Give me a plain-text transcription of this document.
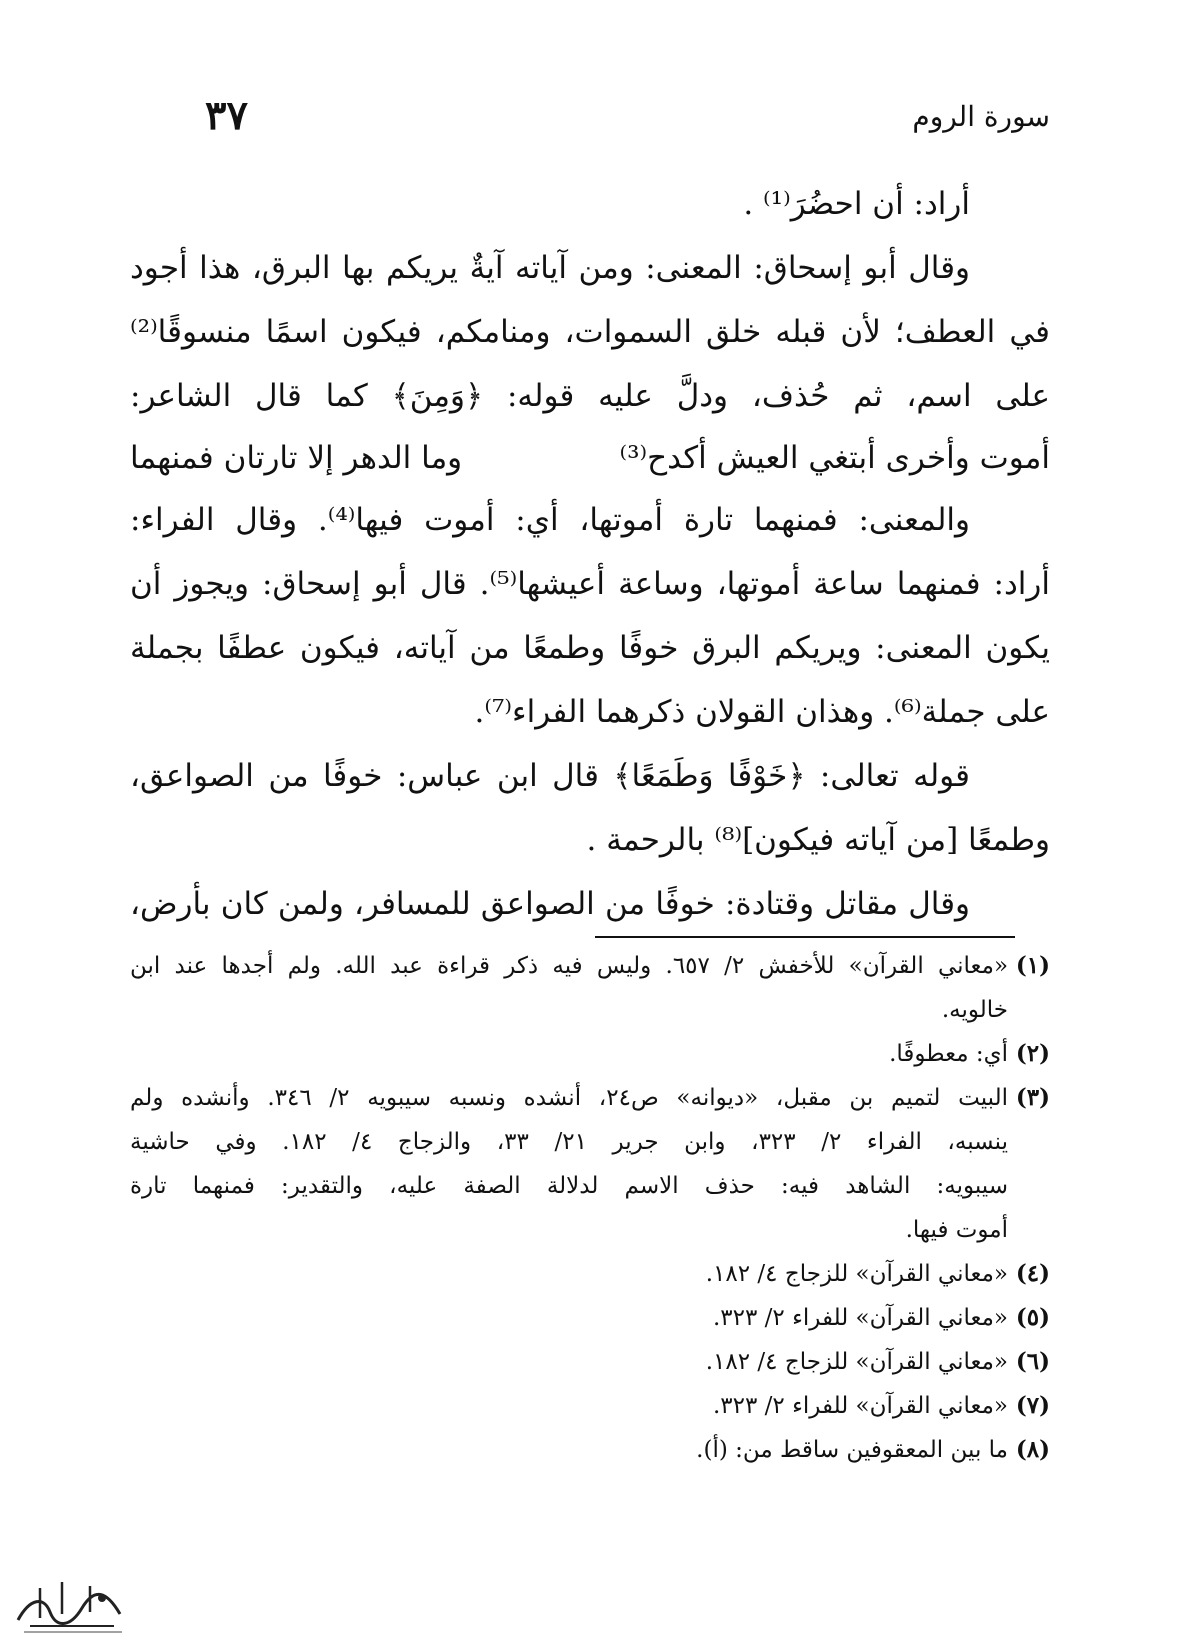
سورة الروم
٣٧
أراد: أن احضُرَ⁽¹⁾ .
وقال أبو إسحاق: المعنى: ومن آياته آيةٌ يريكم بها البرق، هذا أجود
في العطف؛ لأن قبله خلق السموات، ومنامكم، فيكون اسمًا منسوقًا⁽²⁾
على اسم، ثم حُذف، ودلَّ عليه قوله: ﴿وَمِنَ﴾ كما قال الشاعر:
أموت وأخرى أبتغي العيش أكدح⁽³⁾
وما الدهر إلا تارتان فمنهما
والمعنى: فمنهما تارة أموتها، أي: أموت فيها⁽⁴⁾. وقال الفراء:
أراد: فمنهما ساعة أموتها، وساعة أعيشها⁽⁵⁾. قال أبو إسحاق: ويجوز أن
يكون المعنى: ويريكم البرق خوفًا وطمعًا من آياته، فيكون عطفًا بجملة
على جملة⁽⁶⁾. وهذان القولان ذكرهما الفراء⁽⁷⁾.
قوله تعالى: ﴿خَوْفًا وَطَمَعًا﴾ قال ابن عباس: خوفًا من الصواعق،
وطمعًا [من آياته فيكون]⁽⁸⁾ بالرحمة .
وقال مقاتل وقتادة: خوفًا من الصواعق للمسافر، ولمن كان بأرض،
(١)
«معاني القرآن» للأخفش ٢/ ٦٥٧. وليس فيه ذكر قراءة عبد الله. ولم أجدها عند ابن
خالويه.
(٢)
أي: معطوفًا.
(٣)
البيت لتميم بن مقبل، «ديوانه» ص٢٤، أنشده ونسبه سيبويه ٢/ ٣٤٦. وأنشده ولم
ينسبه، الفراء ٢/ ٣٢٣، وابن جرير ٢١/ ٣٣، والزجاج ٤/ ١٨٢. وفي حاشية
سيبويه: الشاهد فيه: حذف الاسم لدلالة الصفة عليه، والتقدير: فمنهما تارة
أموت فيها.
(٤)
«معاني القرآن» للزجاج ٤/ ١٨٢.
(٥)
«معاني القرآن» للفراء ٢/ ٣٢٣.
(٦)
«معاني القرآن» للزجاج ٤/ ١٨٢.
(٧)
«معاني القرآن» للفراء ٢/ ٣٢٣.
(٨)
ما بين المعقوفين ساقط من: (أ).
